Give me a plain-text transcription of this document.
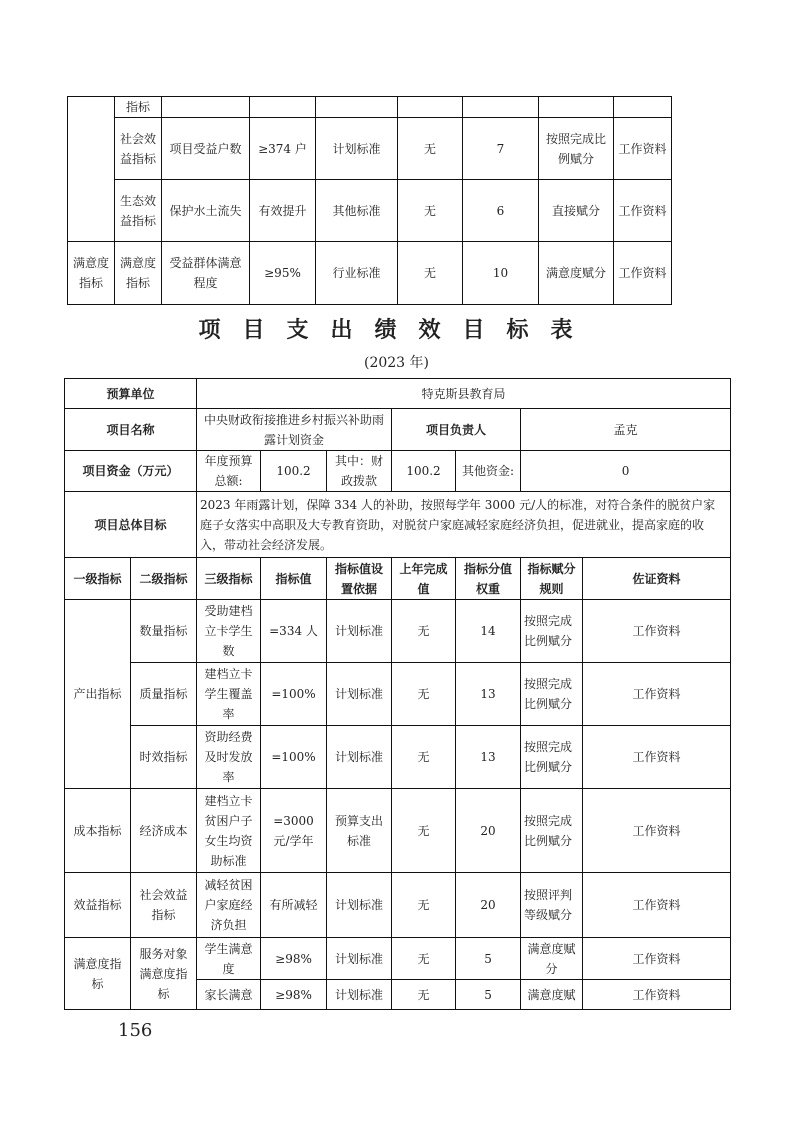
	指标							
	社会效益指标	项目受益户数	≥374 户	计划标准	无	7	按照完成比例赋分	工作资料
	生态效益指标	保护水土流失	有效提升	其他标准	无	6	直接赋分	工作资料
满意度指标	满意度指标	受益群体满意程度	≥95%	行业标准	无	10	满意度赋分	工作资料
项目支出绩效目标表
(2023 年)
预算单位		特克斯县教育局						
项目名称		中央财政衔接推进乡村振兴补助雨露计划资金			项目负责人		孟克	
项目资金（万元）		年度预算总额:	100.2	其中：财政拨款	100.2	其他资金:	0	
项目总体目标		2023 年雨露计划，保障 334 人的补助，按照每学年 3000 元/人的标准，对符合条件的脱贫户家庭子女落实中高职及大专教育资助，对脱贫户家庭减轻家庭经济负担，促进就业，提高家庭的收入，带动社会经济发展。						
一级指标	二级指标	三级指标	指标值	指标值设置依据	上年完成值	指标分值权重	指标赋分规则	佐证资料
产出指标	数量指标	受助建档立卡学生数	=334 人	计划标准	无	14	按照完成比例赋分	工作资料
	质量指标	建档立卡学生覆盖率	=100%	计划标准	无	13	按照完成比例赋分	工作资料
	时效指标	资助经费及时发放率	=100%	计划标准	无	13	按照完成比例赋分	工作资料
成本指标	经济成本	建档立卡贫困户子女生均资助标准	=3000 元/学年	预算支出标准	无	20	按照完成比例赋分	工作资料
效益指标	社会效益指标	减轻贫困户家庭经济负担	有所减轻	计划标准	无	20	按照评判等级赋分	工作资料
满意度指标	服务对象满意度指标	学生满意度	≥98%	计划标准	无	5	满意度赋分	工作资料
		家长满意	≥98%	计划标准	无	5	满意度赋	工作资料
156
